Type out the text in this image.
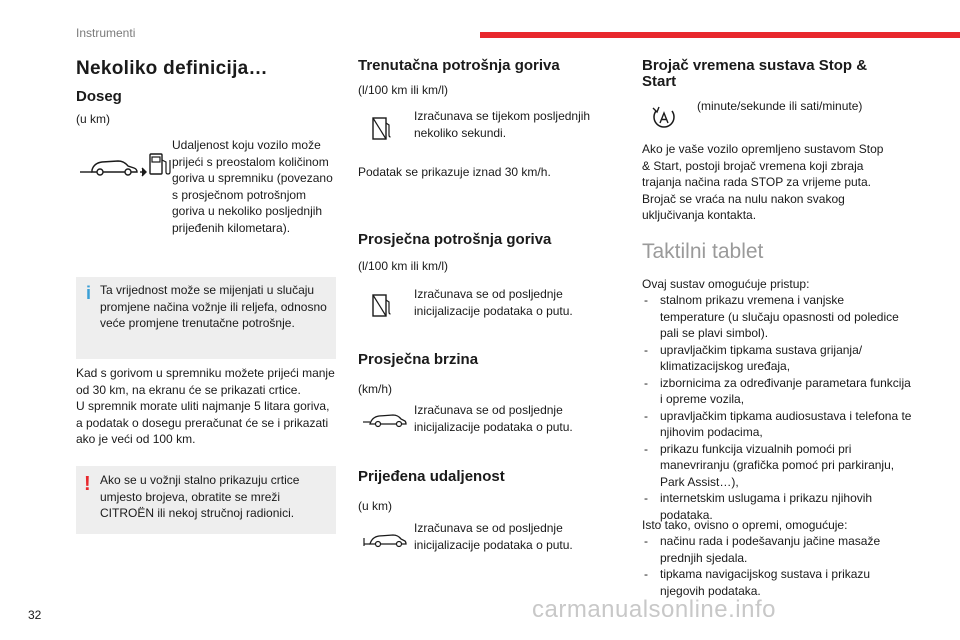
Instrumenti
Nekoliko definicija…
Doseg
(u km)
Udaljenost koju vozilo može prijeći s preostalom količinom goriva u spremniku (povezano s prosječnom potrošnjom goriva u nekoliko posljednjih prijeđenih kilometara).
i Ta vrijednost može se mijenjati u slučaju promjene načina vožnje ili reljefa, odnosno veće promjene trenutačne potrošnje.
Kad s gorivom u spremniku možete prijeći manje od 30 km, na ekranu će se prikazati crtice.
U spremnik morate uliti najmanje 5 litara goriva, a podatak o dosegu preračunat će se i prikazati ako je veći od 100 km.
! Ako se u vožnji stalno prikazuju crtice umjesto brojeva, obratite se mreži CITROËN ili nekoj stručnoj radionici.
Trenutačna potrošnja goriva
(l/100 km ili km/l)
Izračunava se tijekom posljednjih nekoliko sekundi.
Podatak se prikazuje iznad 30 km/h.
Prosječna potrošnja goriva
(l/100 km ili km/l)
Izračunava se od posljednje inicijalizacije podataka o putu.
Prosječna brzina
(km/h)
Izračunava se od posljednje inicijalizacije podataka o putu.
Prijeđena udaljenost
(u km)
Izračunava se od posljednje inicijalizacije podataka o putu.
Brojač vremena sustava Stop & Start
(minute/sekunde ili sati/minute)
Ako je vaše vozilo opremljeno sustavom Stop & Start, postoji brojač vremena koji zbraja trajanja načina rada STOP za vrijeme puta. Brojač se vraća na nulu nakon svakog uključivanja kontakta.
Taktilni tablet
Ovaj sustav omogućuje pristup:
- stalnom prikazu vremena i vanjske temperature (u slučaju opasnosti od poledice pali se plavi simbol).
- upravljačkim tipkama sustava grijanja/ klimatizacijskog uređaja,
- izbornicima za određivanje parametara funkcija i opreme vozila,
- upravljačkim tipkama audiosustava i telefona te njihovim podacima,
- prikazu funkcija vizualnih pomoći pri manevriranju (grafička pomoć pri parkiranju, Park Assist…),
- internetskim uslugama i prikazu njihovih podataka.
Isto tako, ovisno o opremi, omogućuje:
- načinu rada i podešavanju jačine masaže prednjih sjedala.
- tipkama navigacijskog sustava i prikazu njegovih podataka.
32	carmanualsonline.info
